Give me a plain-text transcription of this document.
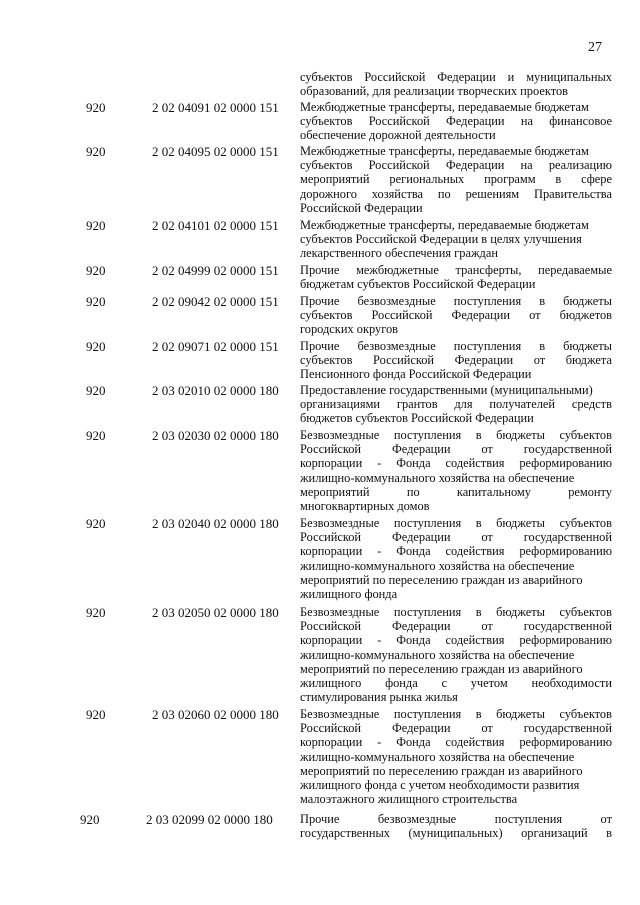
27
субъектов Российской Федерации и муниципальных
образований, для реализации творческих проектов
920	2 02 04091 02 0000 151 Межбюджетные трансферты, передаваемые бюджетам
субъектов Российской Федерации на финансовое
обеспечение дорожной деятельности
920	2 02 04095 02 0000 151 Межбюджетные трансферты, передаваемые бюджетам
субъектов Российской Федерации на реализацию
мероприятий региональных программ в сфере
дорожного хозяйства по решениям Правительства
Российской Федерации
920	2 02 04101 02 0000 151 Межбюджетные трансферты, передаваемые бюджетам
субъектов Российской Федерации в целях улучшения
лекарственного обеспечения граждан
920	2 02 04999 02 0000 151 Прочие межбюджетные трансферты, передаваемые
бюджетам субъектов Российской Федерации
920	2 02 09042 02 0000 151 Прочие безвозмездные поступления в бюджеты
субъектов Российской Федерации от бюджетов
городских округов
920	2 02 09071 02 0000 151 Прочие безвозмездные поступления в бюджеты
субъектов Российской Федерации от бюджета
Пенсионного фонда Российской Федерации
920	2 03 02010 02 0000 180 Предоставление государственными (муниципальными)
организациями грантов для получателей средств
бюджетов субъектов Российской Федерации
920	2 03 02030 02 0000 180 Безвозмездные поступления в бюджеты субъектов
Российской Федерации от государственной
корпорации - Фонда содействия реформированию
жилищно-коммунального хозяйства на обеспечение
мероприятий	по	капитальному	ремонту
многоквартирных домов
920	2 03 02040 02 0000 180 Безвозмездные поступления в бюджеты субъектов
Российской Федерации от государственной
корпорации - Фонда содействия реформированию
жилищно-коммунального хозяйства на обеспечение
мероприятий по переселению граждан из аварийного
жилищного фонда
920	2 03 02050 02 0000 180 Безвозмездные поступления в бюджеты субъектов
Российской Федерации от государственной
корпорации - Фонда содействия реформированию
жилищно-коммунального хозяйства на обеспечение
мероприятий по переселению граждан из аварийного
жилищного фонда с учетом необходимости
стимулирования рынка жилья
920	2 03 02060 02 0000 180 Безвозмездные поступления в бюджеты субъектов
Российской Федерации от государственной
корпорации - Фонда содействия реформированию
жилищно-коммунального хозяйства на обеспечение
мероприятий по переселению граждан из аварийного
жилищного фонда с учетом необходимости развития
малоэтажного жилищного строительства
920	2 03 02099 02 0000 180 Прочие	безвозмездные	поступления	от
государственных (муниципальных) организаций в
